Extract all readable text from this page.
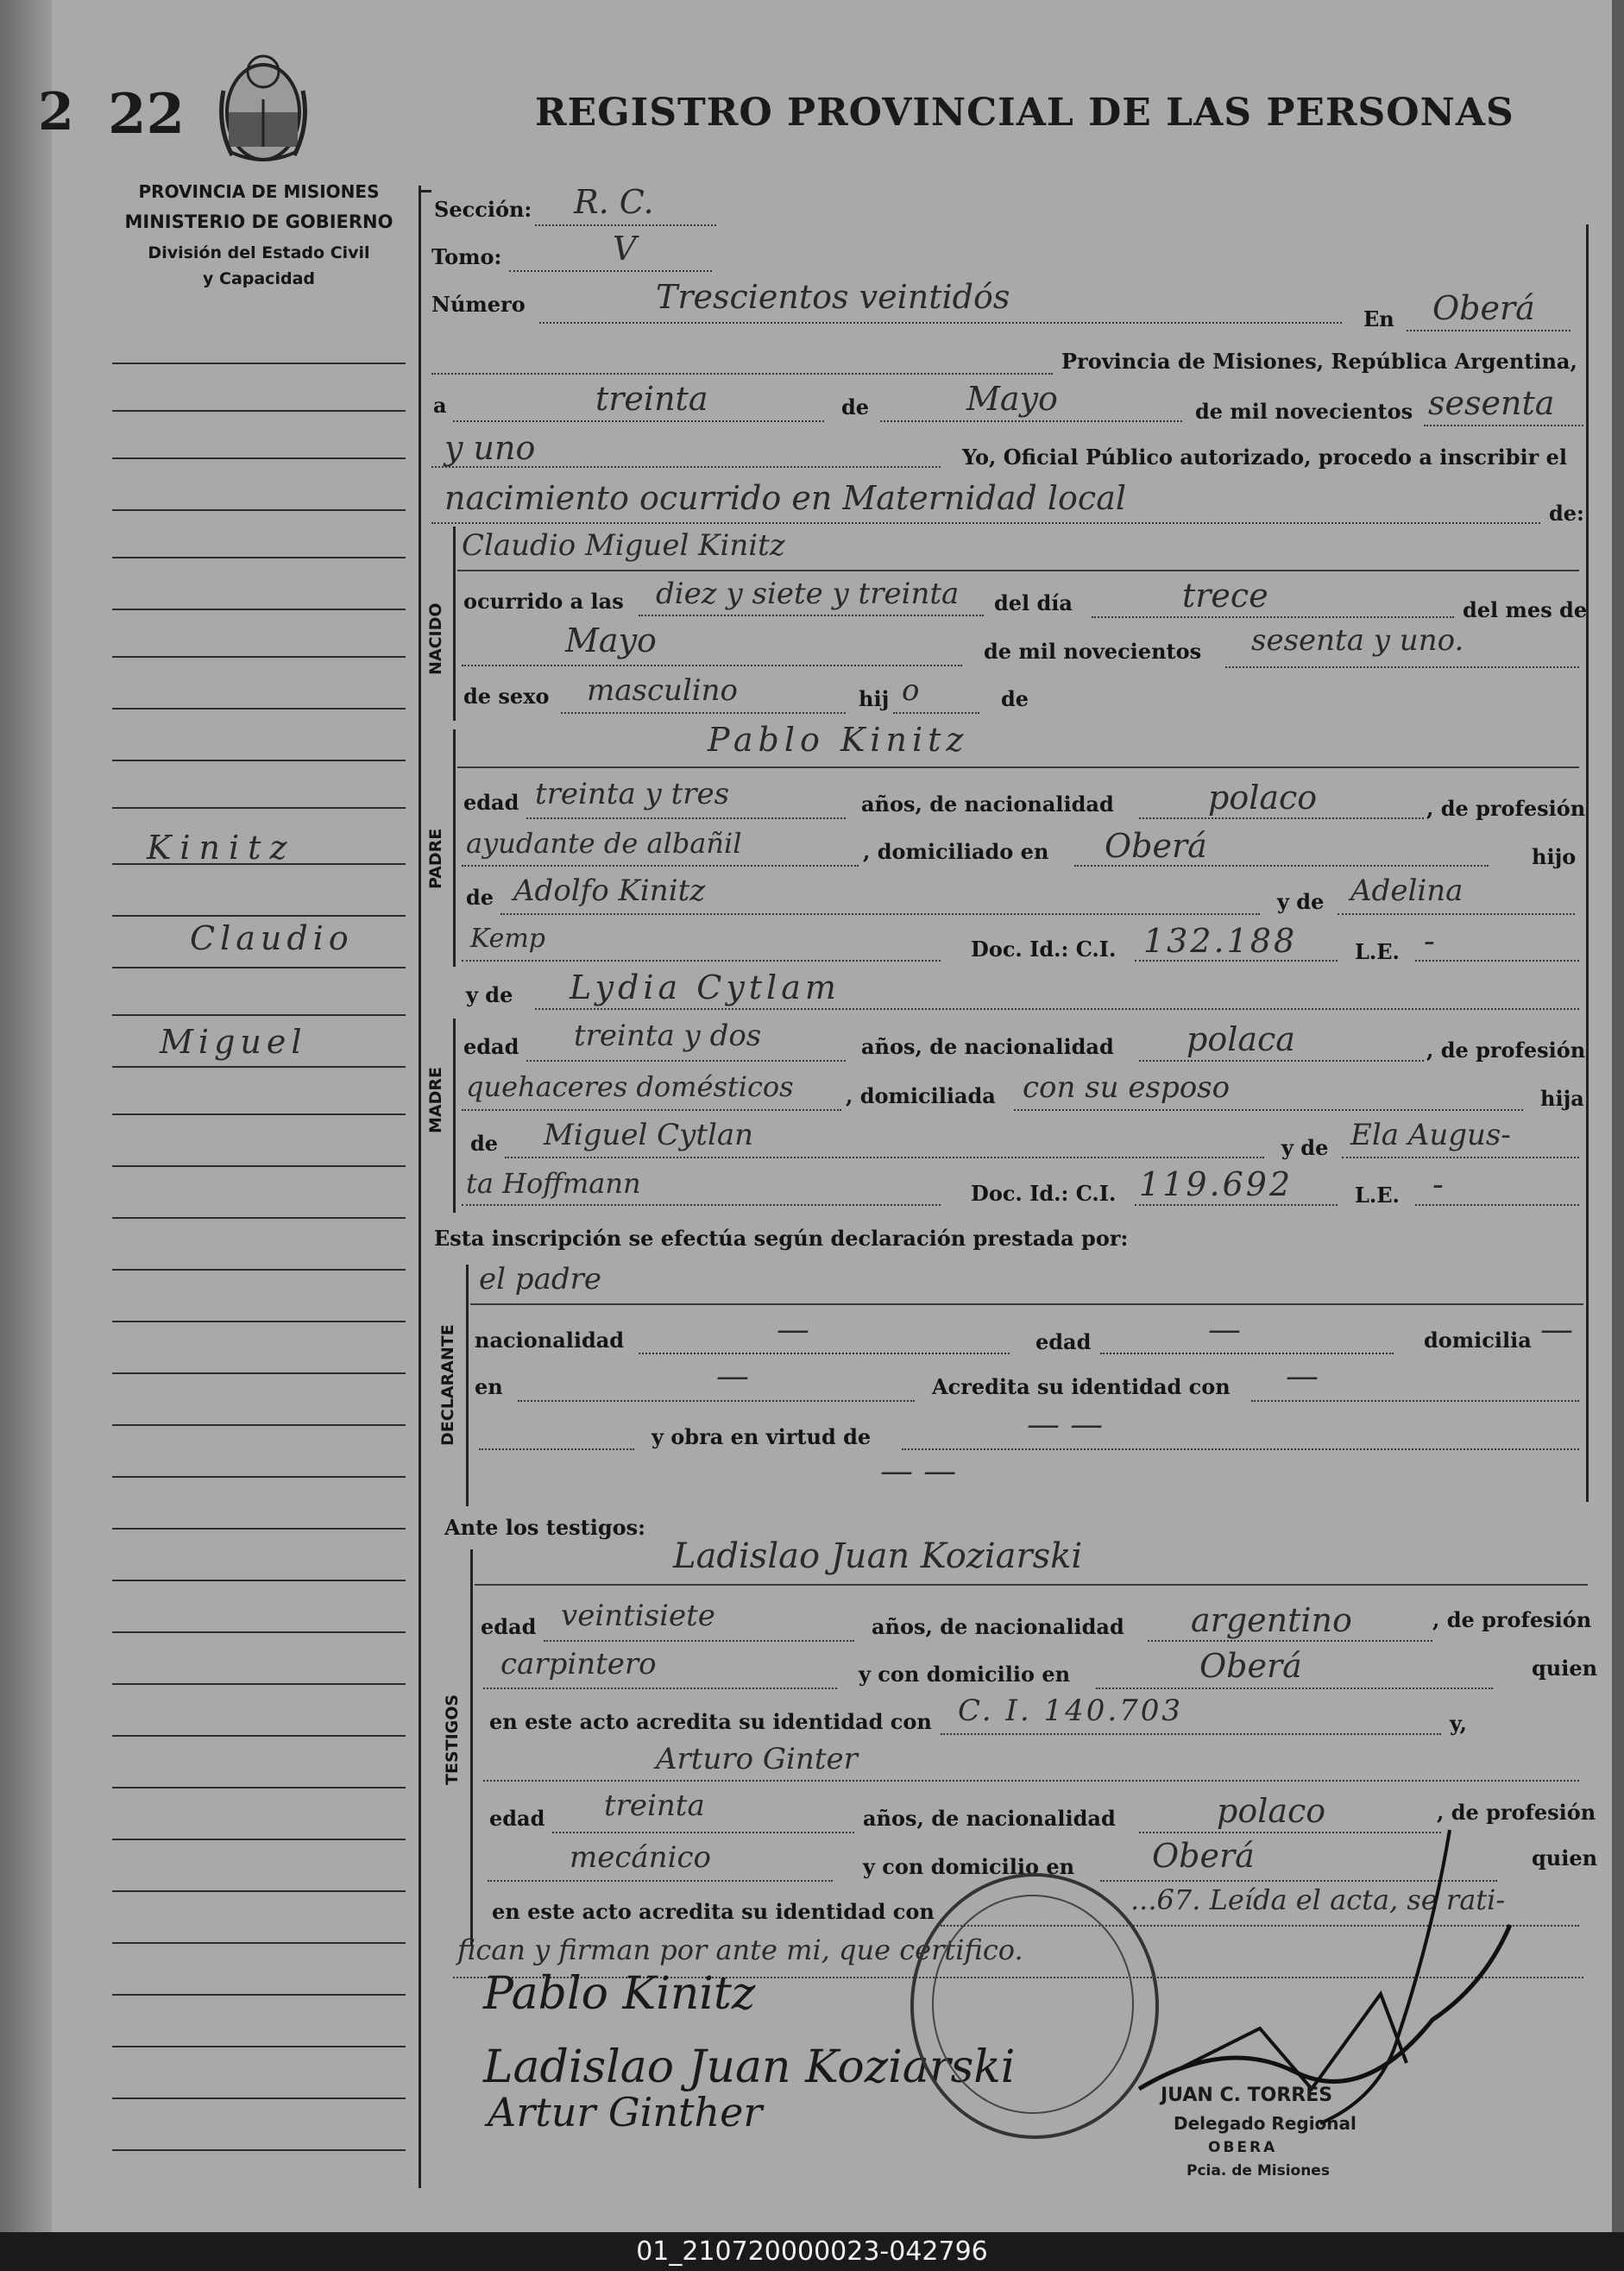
2 22	REGISTRO PROVINCIAL DE LAS PERSONAS
PROVINCIA DE MISIONES
MINISTERIO DE GOBIERNO
División del Estado Civil
y Capacidad
Kinitz
Claudio
Miguel
Sección: R. C.
Tomo:	V
Número	Trescientos veintidós
En Oberá
Provincia de Misiones, República Argentina,
a	treinta	de	Mayo	de mil novecientos sesenta
y uno	Yo, Oficial Público autorizado, procedo a inscribir el
nacimiento ocurrido en Maternidad local	de:
NACIDO
Claudio Miguel Kinitz
ocurrido a las diez y siete y treinta del día	trece	del mes de
Mayo	de mil novecientos sesenta y uno.
de sexo masculino	hij o	de
PADRE
Pablo Kinitz
edad treinta y tres	años, de nacionalidad	polaco	, de profesión
ayudante de albañil	, domiciliado en Oberá	hijo
de Adolfo Kinitz	y de Adelina
Kemp	Doc. Id.: C.I. 132.188	L.E. -
y de Lydia Cytlam
MADRE
edad treinta y dos	años, de nacionalidad polaca	, de profesión
quehaceres domésticos	, domiciliada con su esposo	hija
de Miguel Cytlan	y de Ela Augus-
ta Hoffmann	Doc. Id.: C.I. 119.692	L.E. -
Esta inscripción se efectúa según declaración prestada por:
DECLARANTE
el padre
nacionalidad	—	edad	—	domicilia —
en	—	Acredita su identidad con —
y obra en virtud de	— —
— —
Ante los testigos:
TESTIGOS
Ladislao Juan Koziarski
edad veintisiete	años, de nacionalidad argentino	, de profesión
carpintero	y con domicilio en	Oberá	quien
en este acto acredita su identidad con C. I. 140.703	y,
Arturo Ginter
edad treinta	años, de nacionalidad	polaco	, de profesión
mecánico	y con domicilio en Oberá	quien
en este acto acredita su identidad con	...67. Leída el acta, se rati-
fican y firman por ante mi, que certifico.
Pablo Kinitz
Ladislao Juan Koziarski
Artur Ginther	JUAN C. TORRES
Delegado Regional
OBERA
Pcia. de Misiones
01_210720000023-042796
